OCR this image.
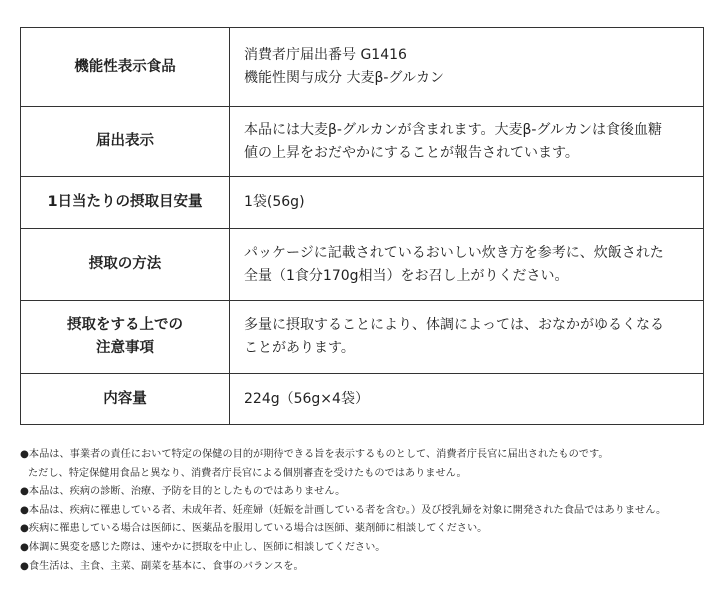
機能性表示食品	消費者庁届出番号 G1416
機能性関与成分 大麦β-グルカン

届出表示	本品には大麦β-グルカンが含まれます。大麦β-グルカンは食後血糖
値の上昇をおだやかにすることが報告されています。

1日当たりの摂取目安量	1袋(56g)

摂取の方法	パッケージに記載されているおいしい炊き方を参考に、炊飯された
全量（1食分170g相当）をお召し上がりください。

摂取をする上での
注意事項	多量に摂取することにより、体調によっては、おなかがゆるくなる
ことがあります。

内容量	224g（56g×4袋）
●本品は、事業者の責任において特定の保健の目的が期待できる旨を表示するものとして、消費者庁長官に届出されたものです。
ただし、特定保健用食品と異なり、消費者庁長官による個別審査を受けたものではありません。
●本品は、疾病の診断、治療、予防を目的としたものではありません。
●本品は、疾病に罹患している者、未成年者、妊産婦（妊娠を計画している者を含む。）及び授乳婦を対象に開発された食品ではありません。
●疾病に罹患している場合は医師に、医薬品を服用している場合は医師、薬剤師に相談してください。
●体調に異変を感じた際は、速やかに摂取を中止し、医師に相談してください。
●食生活は、主食、主菜、副菜を基本に、食事のバランスを。
